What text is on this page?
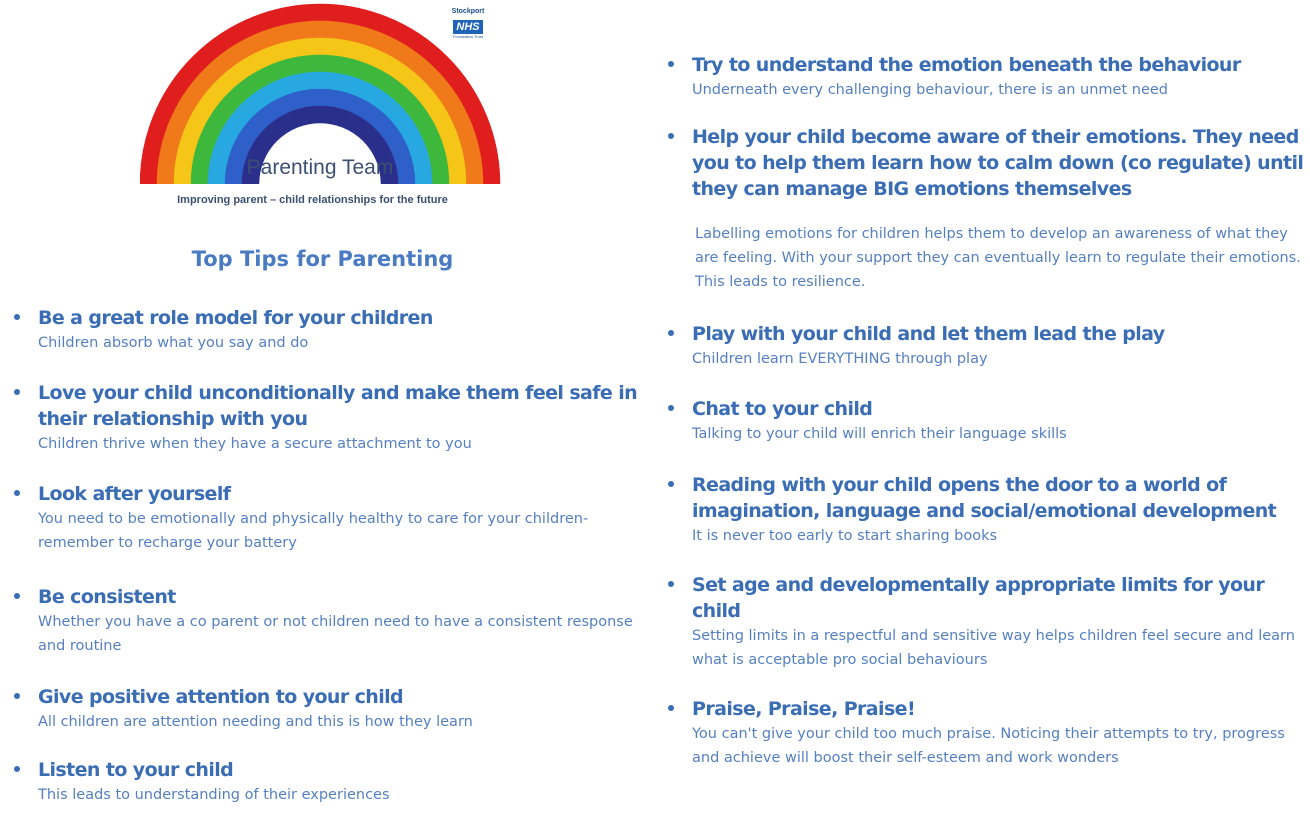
Parenting Team
Improving parent – child relationships for the future
Stockport
NHS
Foundation Trust
Top Tips for Parenting
Be a great role model for your children
Children absorb what you say and do
Love your child unconditionally and make them feel safe in their relationship with you
Children thrive when they have a secure attachment to you
Look after yourself
You need to be emotionally and physically healthy to care for your children- remember to recharge your battery
Be consistent
Whether you have a co parent or not children need to have a consistent response and routine
Give positive attention to your child
All children are attention needing and this is how they learn
Listen to your child
This leads to understanding of their experiences
Try to understand the emotion beneath the behaviour
Underneath every challenging behaviour, there is an unmet need
Help your child become aware of their emotions. They need you to help them learn how to calm down (co regulate) until they can manage BIG emotions themselves
Labelling emotions for children helps them to develop an awareness of what they are feeling. With your support they can eventually learn to regulate their emotions. This leads to resilience.
Play with your child and let them lead the play
Children learn EVERYTHING through play
Chat to your child
Talking to your child will enrich their language skills
Reading with your child opens the door to a world of imagination, language and social/emotional development
It is never too early to start sharing books
Set age and developmentally appropriate limits for your child
Setting limits in a respectful and sensitive way helps children feel secure and learn what is acceptable pro social behaviours
Praise, Praise, Praise!
You can't give your child too much praise. Noticing their attempts to try, progress and achieve will boost their self-esteem and work wonders
